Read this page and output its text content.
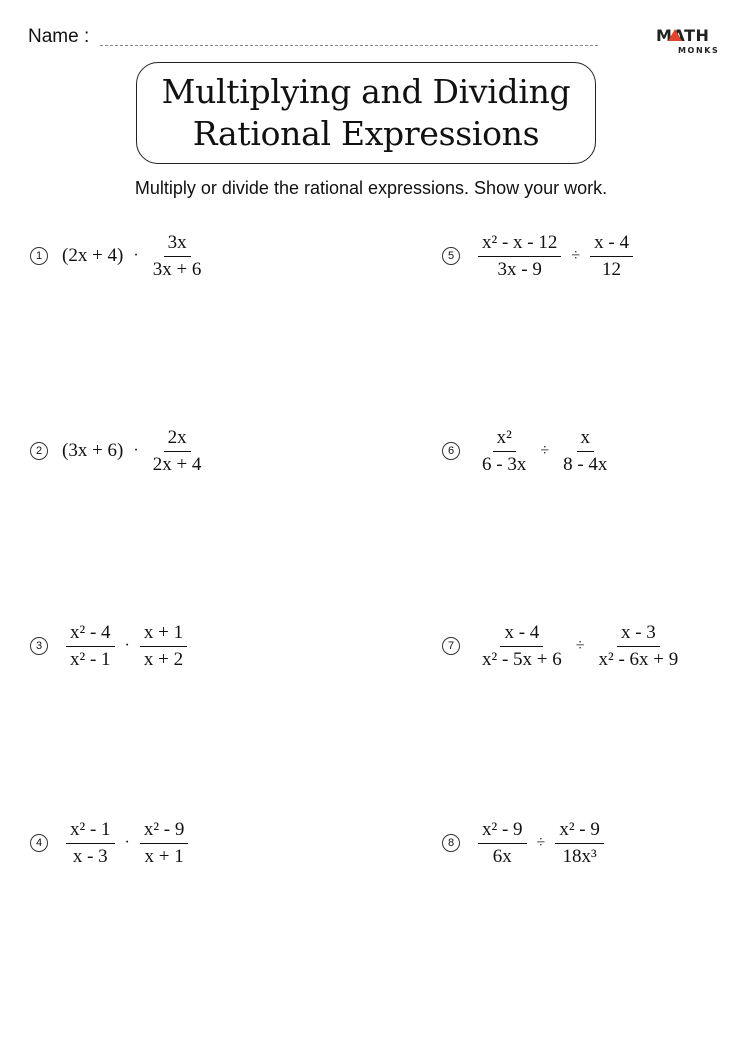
Name :	MATH
MONKS
Multiplying and Dividing
Rational Expressions
Multiply or divide the rational expressions. Show your work.
1	$(2x + 4) \cdot \frac{3x}{3x + 6}$
2	$(3x + 6) \cdot \frac{2x}{2x + 4}$
3	$\frac{\text{x² - 4}}{\text{x² - 1}} \cdot \frac{x + 1}{x + 2}$
4	$\frac{\text{x² - 1}}{x - 3} \cdot \frac{\text{x² - 9}}{x + 1}$
5	$\frac{\text{x² - x - 12}}{3x - 9} \div \frac{x - 4}{12}$
6	$\frac{\text{x²}}{6 - 3x} \div \frac{x}{8 - 4x}$
7	$\frac{x - 4}{\text{x² - 5x + 6}} \div \frac{x - 3}{\text{x² - 6x + 9}}$
8	$\frac{\text{x² - 9}}{6x} \div \frac{\text{x² - 9}}{\text{18x³}}$
